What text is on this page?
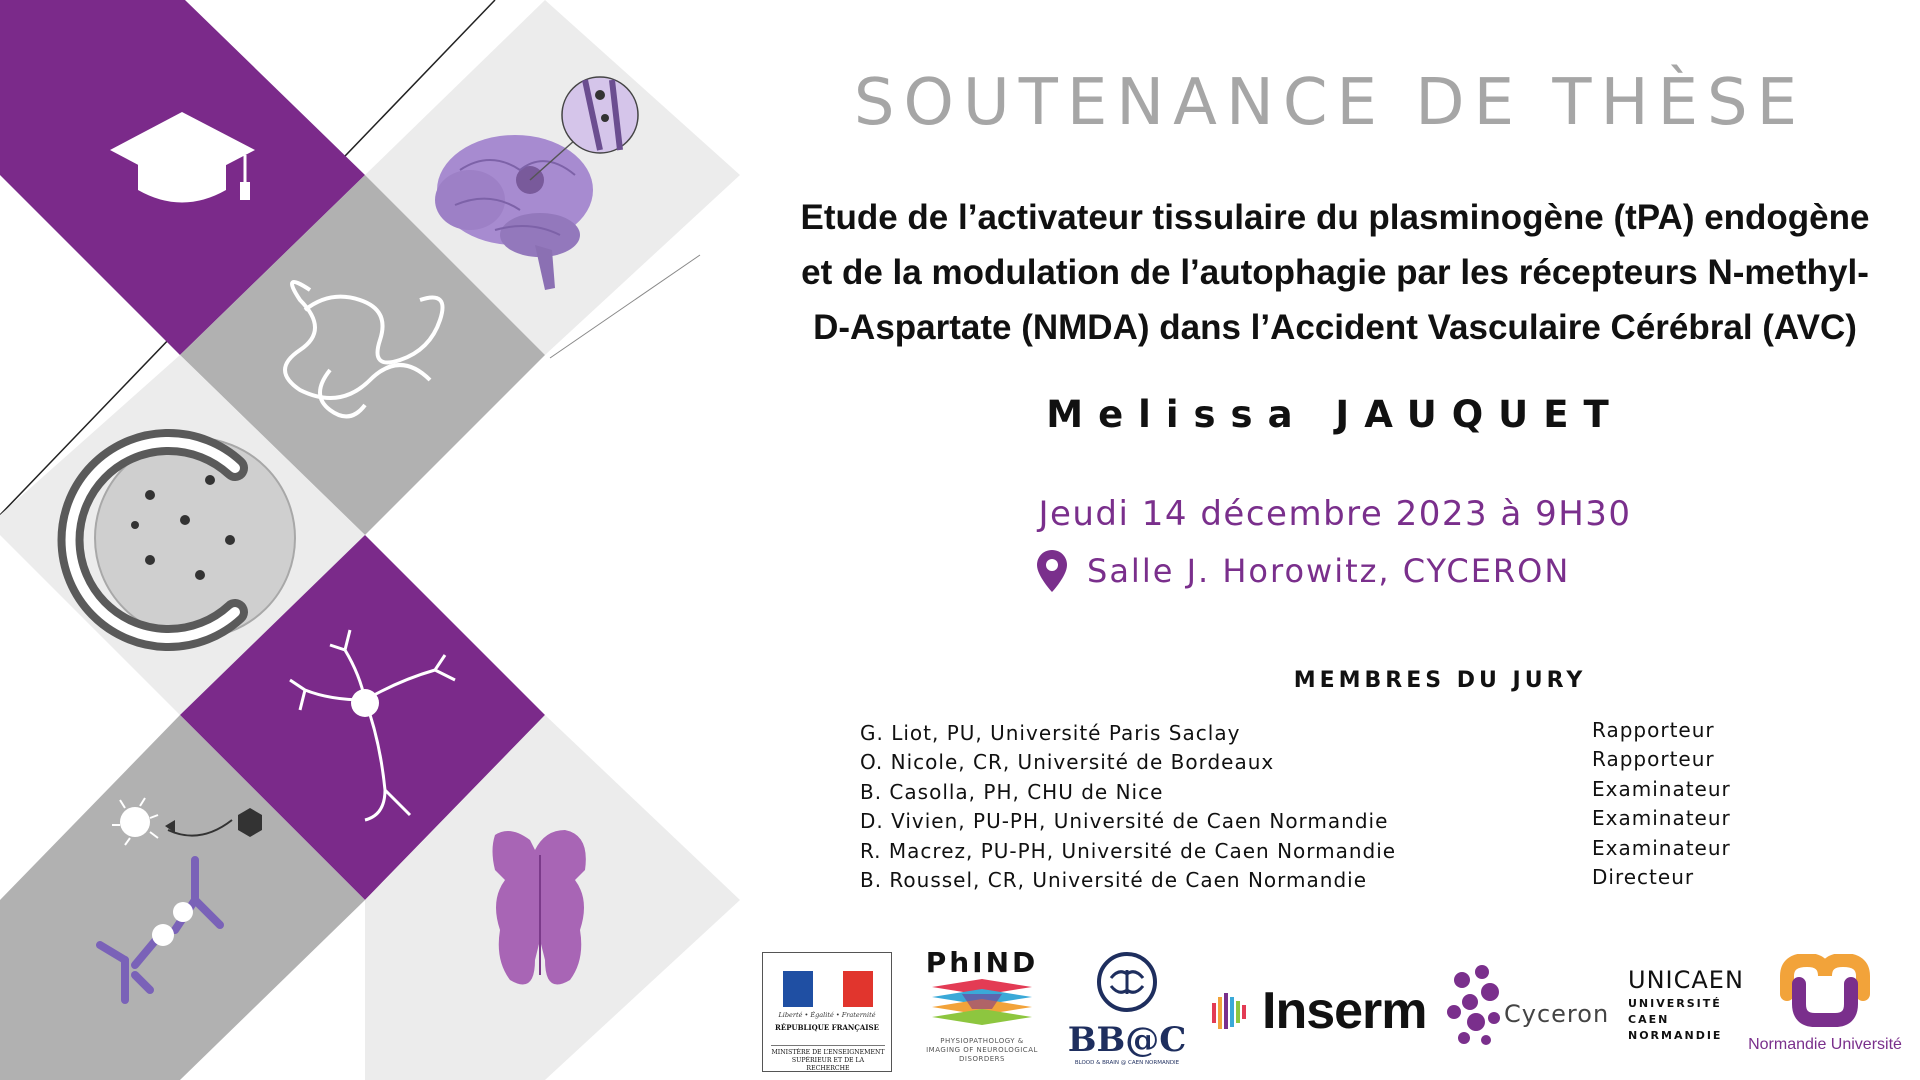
SOUTENANCE DE THÈSE
Etude de l’activateur tissulaire du plasminogène (tPA) endogène
et de la modulation de l’autophagie par les récepteurs N-methyl-
D-Aspartate (NMDA) dans l’Accident Vasculaire Cérébral (AVC)
Melissa JAUQUET
Jeudi 14 décembre 2023 à 9H30
Salle J. Horowitz, CYCERON
MEMBRES DU JURY
G. Liot, PU, Université Paris Saclay	Rapporteur
O. Nicole, CR, Université de Bordeaux	Rapporteur
B. Casolla, PH, CHU de Nice	Examinateur
D. Vivien, PU-PH, Université de Caen Normandie	Examinateur
R. Macrez, PU-PH, Université de Caen Normandie	Examinateur
B. Roussel, CR, Université de Caen Normandie	Directeur
Liberté • Égalité • Fraternité
RÉPUBLIQUE FRANÇAISE
MINISTÈRE DE L’ENSEIGNEMENT SUPÉRIEUR ET DE LA RECHERCHE
PhIND
PHYSIOPATHOLOGY & IMAGING OF NEUROLOGICAL DISORDERS	BB@C
BLOOD & BRAIN @ CAEN NORMANDIE
Inserm	Cyceron
UNICAEN
UNIVERSITÉ CAEN NORMANDIE
Normandie Université
